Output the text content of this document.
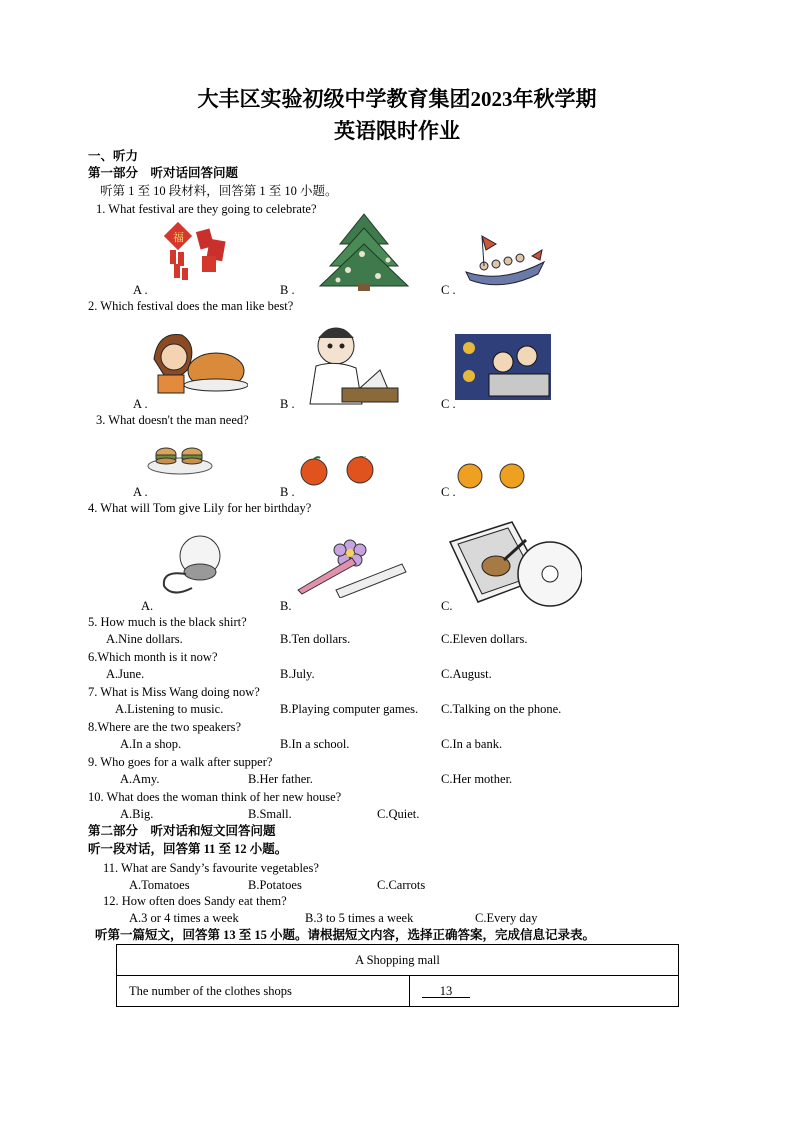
大丰区实验初级中学教育集团2023年秋学期
英语限时作业
一、听力
第一部分　听对话回答问题
听第 1 至 10 段材料，回答第 1 至 10 小题。
1. What festival are they going to celebrate?
福
A .	B .	C .
2. Which festival does the man like best?
A .	B .	C .
3. What doesn't the man need?
A .	B .	C .
4. What will Tom give Lily for her birthday?
A.	B.	C.
5. How much is the black shirt?
A.Nine dollars.	B.Ten dollars.	C.Eleven dollars.
6.Which month is it now?
A.June.	B.July.	C.August.
7. What is Miss Wang doing now?
A.Listening to music.	B.Playing computer games. C.Talking on the phone.
8.Where are the two speakers?
A.In a shop.	B.In a school.	C.In a bank.
9. Who goes for a walk after supper?
A.Amy.	B.Her father.	C.Her mother.
10. What does the woman think of her new house?
A.Big.	B.Small.	C.Quiet.
第二部分　听对话和短文回答问题
听一段对话，回答第 11 至 12 小题。
11. What are Sandy’s favourite vegetables?
A.Tomatoes	B.Potatoes	C.Carrots
12. How often does Sandy eat them?
A.3 or 4 times a week	B.3 to 5 times a week	C.Every day
听第一篇短文，回答第 13 至 15 小题。请根据短文内容，选择正确答案，完成信息记录表。
A Shopping mall
The number of the clothes shops	13
